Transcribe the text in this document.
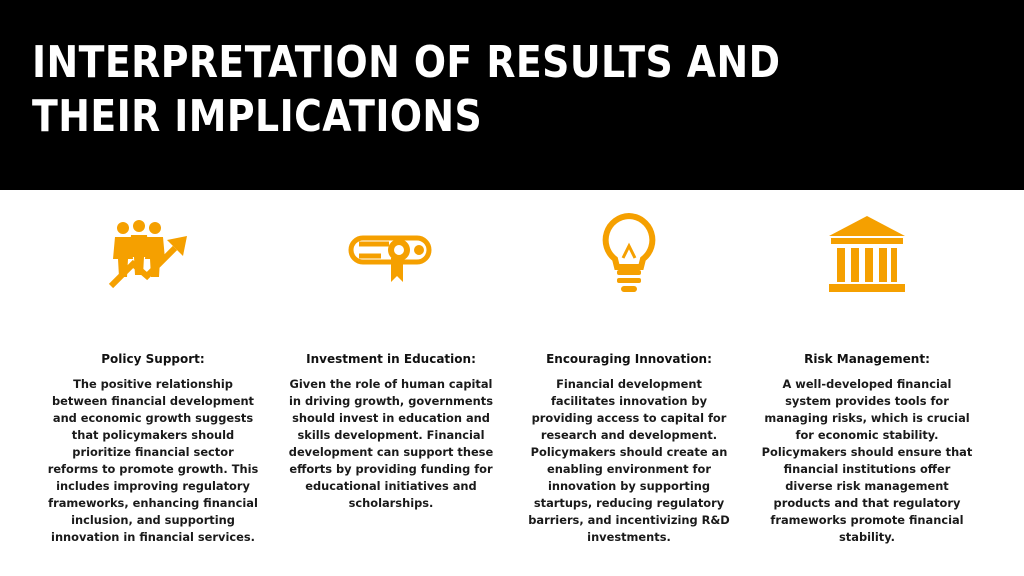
INTERPRETATION OF RESULTS AND THEIR IMPLICATIONS
Policy Support:

The positive relationship between financial development and economic growth suggests that policymakers should prioritize financial sector reforms to promote growth. This includes improving regulatory frameworks, enhancing financial inclusion, and supporting innovation in financial services.

Investment in Education:

Given the role of human capital in driving growth, governments should invest in education and skills development. Financial development can support these efforts by providing funding for educational initiatives and scholarships.

Encouraging Innovation:

Financial development facilitates innovation by providing access to capital for research and development. Policymakers should create an enabling environment for innovation by supporting startups, reducing regulatory barriers, and incentivizing R&D investments.

Risk Management:

A well-developed financial system provides tools for managing risks, which is crucial for economic stability. Policymakers should ensure that financial institutions offer diverse risk management products and that regulatory frameworks promote financial stability.
